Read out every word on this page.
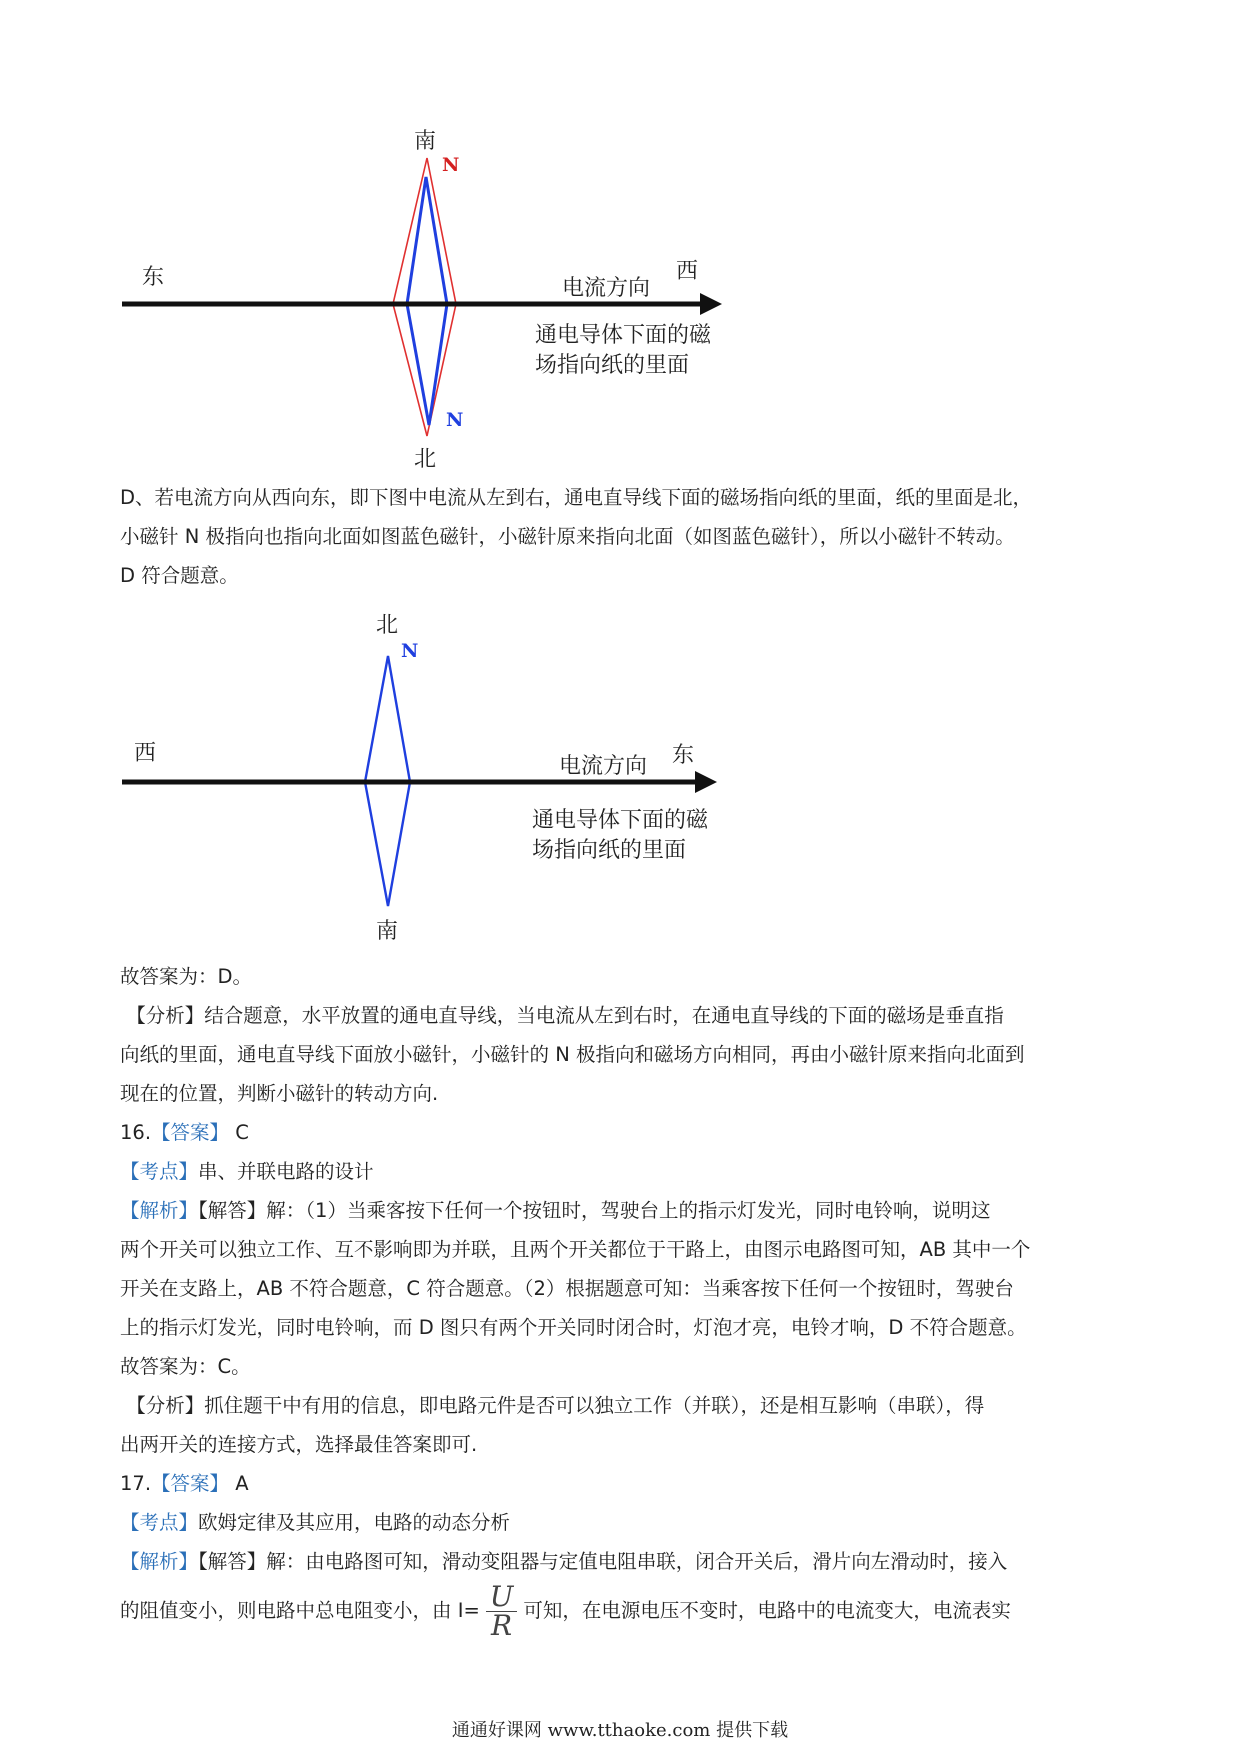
南
N
东	西
电流方向
通电导体下面的磁
场指向纸的里面
N
北

D、若电流方向从西向东，即下图中电流从左到右，通电直导线下面的磁场指向纸的里面，纸的里面是北，

小磁针 N 极指向也指向北面如图蓝色磁针，小磁针原来指向北面（如图蓝色磁针），所以小磁针不转动。

D 符合题意。

北
N
西	东
电流方向
通电导体下面的磁
场指向纸的里面
南

故答案为：D。

【分析】结合题意，水平放置的通电直导线，当电流从左到右时，在通电直导线的下面的磁场是垂直指

向纸的里面，通电直导线下面放小磁针，小磁针的 N 极指向和磁场方向相同，再由小磁针原来指向北面到

现在的位置，判断小磁针的转动方向.

16.【答案】 C

【考点】串、并联电路的设计

【解析】【解答】解：（1）当乘客按下任何一个按钮时，驾驶台上的指示灯发光，同时电铃响，说明这

两个开关可以独立工作、互不影响即为并联，且两个开关都位于干路上，由图示电路图可知，AB 其中一个

开关在支路上，AB 不符合题意，C 符合题意。（2）根据题意可知：当乘客按下任何一个按钮时，驾驶台

上的指示灯发光，同时电铃响，而 D 图只有两个开关同时闭合时，灯泡才亮，电铃才响，D 不符合题意。

故答案为：C。

【分析】抓住题干中有用的信息，即电路元件是否可以独立工作（并联），还是相互影响（串联），得

出两开关的连接方式，选择最佳答案即可.

17.【答案】 A

【考点】欧姆定律及其应用，电路的动态分析

【解析】【解答】解：由电路图可知，滑动变阻器与定值电阻串联，闭合开关后，滑片向左滑动时，接入

的阻值变小，则电路中总电阻变小，由 $I= \frac{U}{R}$ 可知，在电源电压不变时，电路中的电流变大，电流表实

通通好课网 www.tthaoke.com 提供下载
